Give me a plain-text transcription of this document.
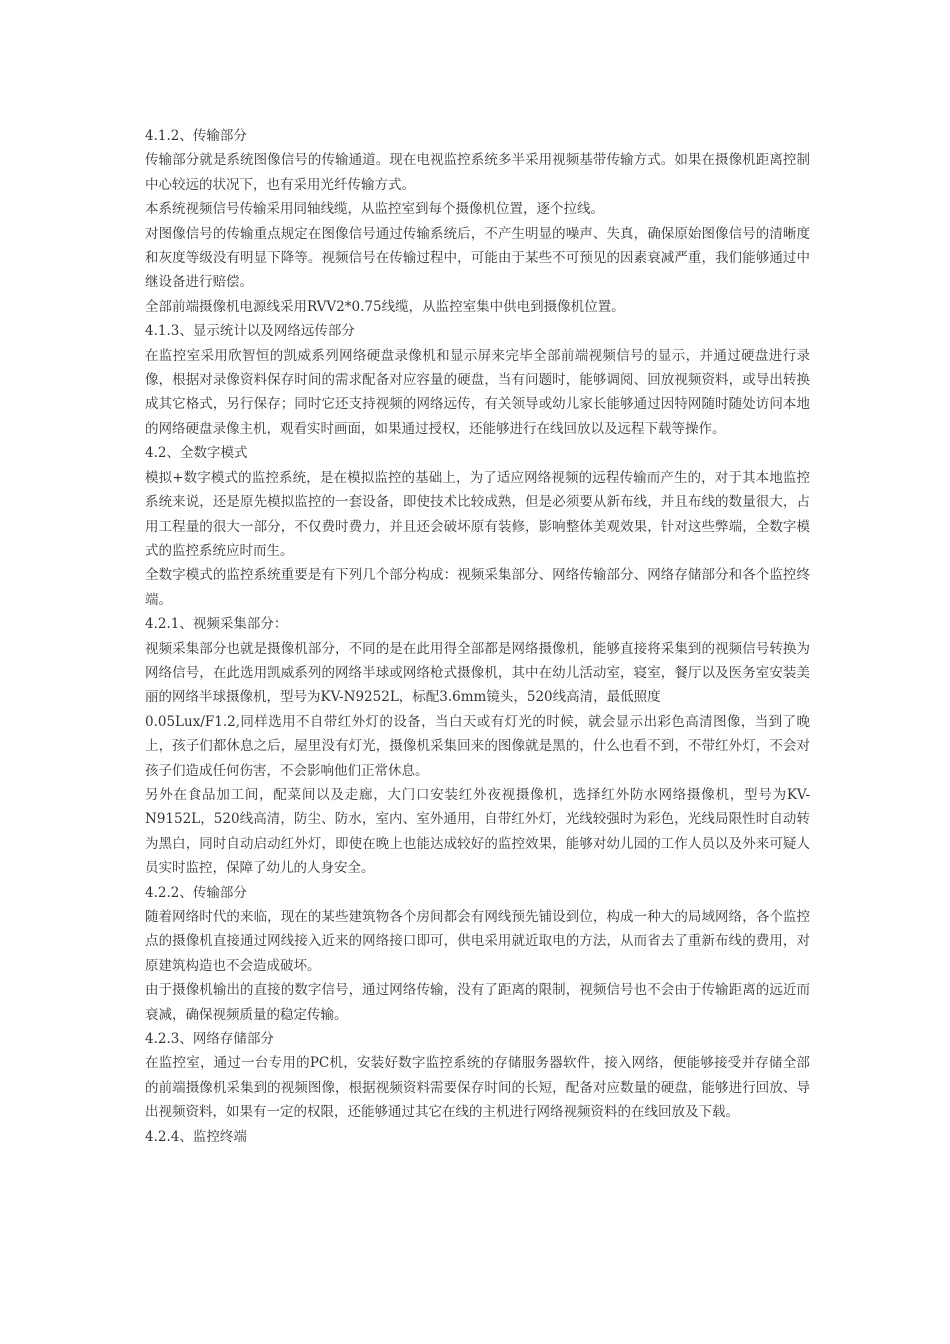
4.1.2、传输部分

传输部分就是系统图像信号的传输通道。现在电视监控系统多半采用视频基带传输方式。如果在摄像机距离控制中心较远的状况下，也有采用光纤传输方式。

本系统视频信号传输采用同轴线缆，从监控室到每个摄像机位置，逐个拉线。

对图像信号的传输重点规定在图像信号通过传输系统后，不产生明显的噪声、失真，确保原始图像信号的清晰度和灰度等级没有明显下降等。视频信号在传输过程中，可能由于某些不可预见的因素衰减严重，我们能够通过中继设备进行赔偿。

全部前端摄像机电源线采用RVV2*0.75线缆，从监控室集中供电到摄像机位置。

4.1.3、显示统计以及网络远传部分

在监控室采用欣智恒的凯威系列网络硬盘录像机和显示屏来完毕全部前端视频信号的显示，并通过硬盘进行录像，根据对录像资料保存时间的需求配备对应容量的硬盘，当有问题时，能够调阅、回放视频资料，或导出转换成其它格式，另行保存；同时它还支持视频的网络远传，有关领导或幼儿家长能够通过因特网随时随处访问本地的网络硬盘录像主机，观看实时画面，如果通过授权，还能够进行在线回放以及远程下载等操作。

4.2、全数字模式

模拟+数字模式的监控系统，是在模拟监控的基础上，为了适应网络视频的远程传输而产生的，对于其本地监控系统来说，还是原先模拟监控的一套设备，即使技术比较成熟，但是必须要从新布线，并且布线的数量很大，占用工程量的很大一部分，不仅费时费力，并且还会破坏原有装修，影响整体美观效果，针对这些弊端，全数字模式的监控系统应时而生。

全数字模式的监控系统重要是有下列几个部分构成：视频采集部分、网络传输部分、网络存储部分和各个监控终端。

4.2.1、视频采集部分：

视频采集部分也就是摄像机部分，不同的是在此用得全部都是网络摄像机，能够直接将采集到的视频信号转换为网络信号，在此选用凯威系列的网络半球或网络枪式摄像机，其中在幼儿活动室，寝室，餐厅以及医务室安装美丽的网络半球摄像机，型号为KV-N9252L，标配3.6mm镜头，520线高清，最低照度

0.05Lux/F1.2,同样选用不自带红外灯的设备，当白天或有灯光的时候，就会显示出彩色高清图像，当到了晚上，孩子们都休息之后，屋里没有灯光，摄像机采集回来的图像就是黑的，什么也看不到，不带红外灯，不会对孩子们造成任何伤害，不会影响他们正常休息。

另外在食品加工间，配菜间以及走廊，大门口安装红外夜视摄像机，选择红外防水网络摄像机，型号为KV-N9152L，520线高清，防尘、防水，室内、室外通用，自带红外灯，光线较强时为彩色，光线局限性时自动转为黑白，同时自动启动红外灯，即使在晚上也能达成较好的监控效果，能够对幼儿园的工作人员以及外来可疑人员实时监控，保障了幼儿的人身安全。

4.2.2、传输部分

随着网络时代的来临，现在的某些建筑物各个房间都会有网线预先铺设到位，构成一种大的局域网络，各个监控点的摄像机直接通过网线接入近来的网络接口即可，供电采用就近取电的方法，从而省去了重新布线的费用，对原建筑构造也不会造成破坏。

由于摄像机输出的直接的数字信号，通过网络传输，没有了距离的限制，视频信号也不会由于传输距离的远近而衰减，确保视频质量的稳定传输。

4.2.3、网络存储部分

在监控室，通过一台专用的PC机，安装好数字监控系统的存储服务器软件，接入网络，便能够接受并存储全部的前端摄像机采集到的视频图像，根据视频资料需要保存时间的长短，配备对应数量的硬盘，能够进行回放、导出视频资料，如果有一定的权限，还能够通过其它在线的主机进行网络视频资料的在线回放及下载。

4.2.4、监控终端
